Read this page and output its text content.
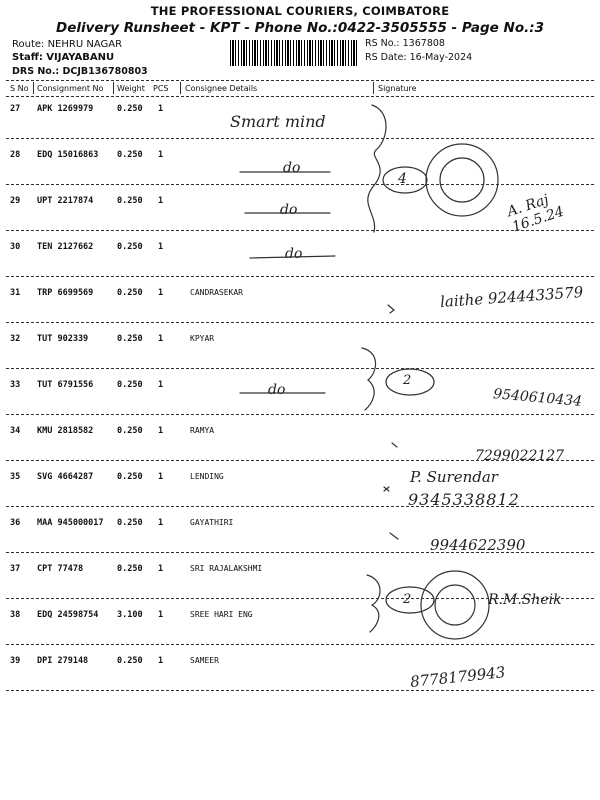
THE PROFESSIONAL COURIERS, COIMBATORE
Delivery Runsheet - KPT - Phone No.:0422-3505555 - Page No.:3
Route: NEHRU NAGAR
Staff: VIJAYABANU
DRS No.: DCJB136780803
RS No.: 1367808
RS Date: 16-May-2024
S No Consignment No Weight PCS Consignee Details	Signature
27 APK 1269979	0.250 1
28 EDQ 15016863 0.250 1
29 UPT 2217874	0.250 1
30 TEN 2127662	0.250 1
31 TRP 6699569	0.250 1	CANDRASEKAR
32 TUT 902339	0.250 1	KPYAR
33 TUT 6791556	0.250 1
34 KMU 2818582	0.250 1	RAMYA
35 SVG 4664287	0.250 1	LENDING
36 MAA 945000017 0.250 1	GAYATHIRI
37 CPT 77478	0.250 1	SRI RAJALAKSHMI
38 EDQ 24598754 3.100 1	SREE HARI ENG
39 DPI 279148	0.250 1	SAMEER
Smart mind
do
do
do
do
4
A. Raj 16.5.24
laithe 9244433579
2
9540610434
7299022127
P. Surendar
9345338812
9944622390
2	R.M.Sheik
8778179943
